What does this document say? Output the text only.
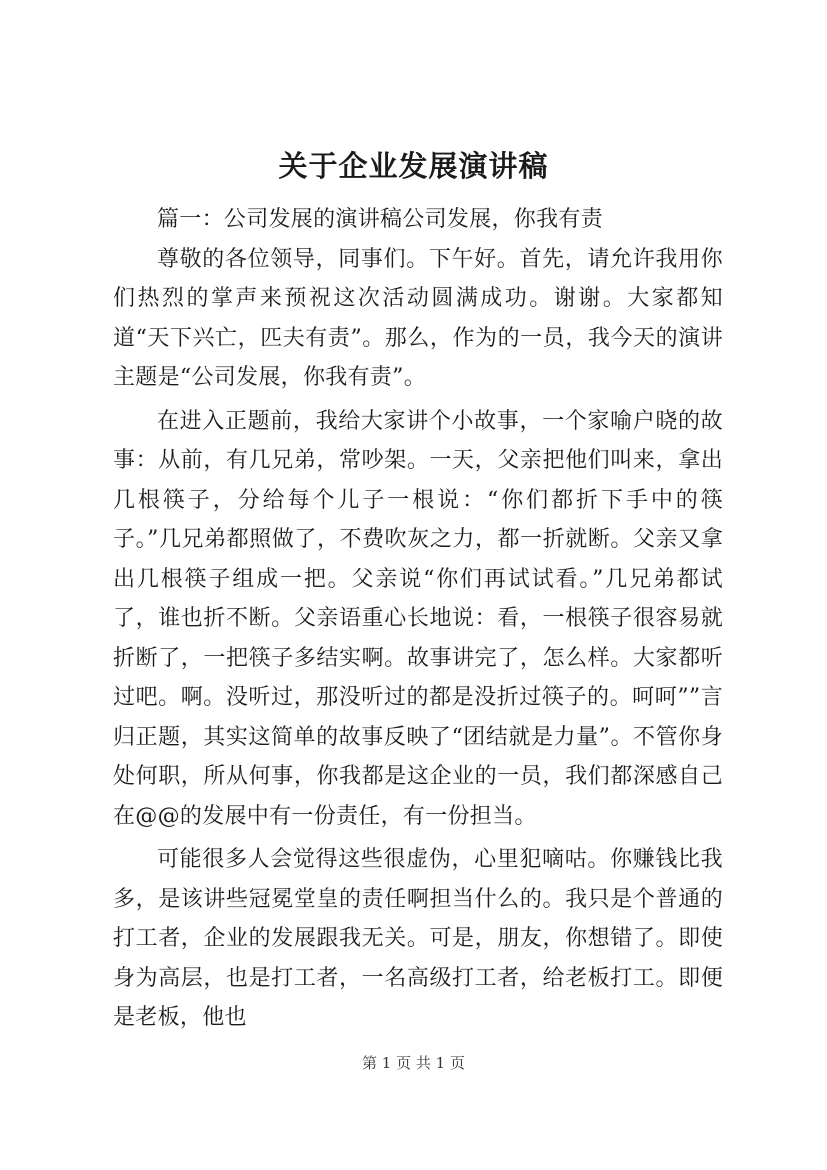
关于企业发展演讲稿

篇一：公司发展的演讲稿公司发展，你我有责

尊敬的各位领导，同事们。下午好。首先，请允许我用你们热烈的掌声来预祝这次活动圆满成功。谢谢。大家都知道“天下兴亡，匹夫有责”。那么，作为的一员，我今天的演讲主题是“公司发展，你我有责”。

在进入正题前，我给大家讲个小故事，一个家喻户晓的故事：从前，有几兄弟，常吵架。一天，父亲把他们叫来，拿出几根筷子，分给每个儿子一根说：“你们都折下手中的筷子。”几兄弟都照做了，不费吹灰之力，都一折就断。父亲又拿出几根筷子组成一把。父亲说“你们再试试看。”几兄弟都试了，谁也折不断。父亲语重心长地说：看，一根筷子很容易就折断了，一把筷子多结实啊。故事讲完了，怎么样。大家都听过吧。啊。没听过，那没听过的都是没折过筷子的。呵呵””言归正题，其实这简单的故事反映了“团结就是力量”。不管你身处何职，所从何事，你我都是这企业的一员，我们都深感自己在@@的发展中有一份责任，有一份担当。

可能很多人会觉得这些很虚伪，心里犯嘀咕。你赚钱比我多，是该讲些冠冕堂皇的责任啊担当什么的。我只是个普通的打工者，企业的发展跟我无关。可是，朋友，你想错了。即使身为高层，也是打工者，一名高级打工者，给老板打工。即便是老板，他也

第 1 页 共 1 页
